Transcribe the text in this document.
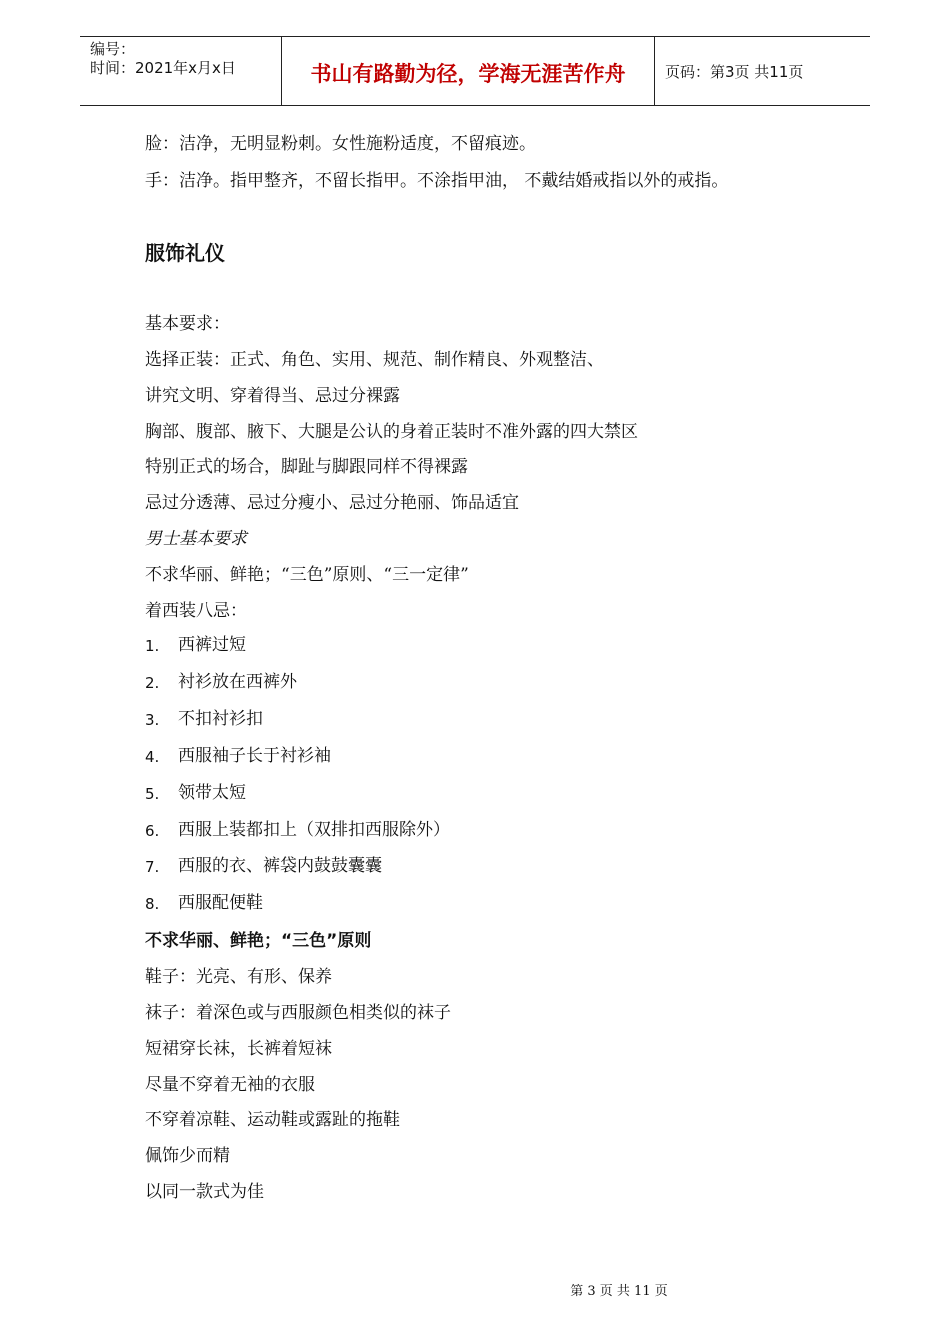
编号：
时间：2021年x月x日	书山有路勤为径，学海无涯苦作舟	页码：第3页 共11页
脸：洁净，无明显粉刺。女性施粉适度，不留痕迹。
手：洁净。指甲整齐，不留长指甲。不涂指甲油， 不戴结婚戒指以外的戒指。
服饰礼仪
基本要求：
选择正装：正式、角色、实用、规范、制作精良、外观整洁、
讲究文明、穿着得当、忌过分裸露
胸部、腹部、腋下、大腿是公认的身着正装时不准外露的四大禁区
特别正式的场合，脚趾与脚跟同样不得裸露
忌过分透薄、忌过分瘦小、忌过分艳丽、饰品适宜
男士基本要求
不求华丽、鲜艳；“三色”原则、“三一定律”
着西装八忌：
1. 西裤过短
2. 衬衫放在西裤外
3. 不扣衬衫扣
4. 西服袖子长于衬衫袖
5. 领带太短
6. 西服上装都扣上（双排扣西服除外）
7. 西服的衣、裤袋内鼓鼓囊囊
8. 西服配便鞋
不求华丽、鲜艳；“三色”原则
鞋子：光亮、有形、保养
袜子：着深色或与西服颜色相类似的袜子
短裙穿长袜，长裤着短袜
尽量不穿着无袖的衣服
不穿着凉鞋、运动鞋或露趾的拖鞋
佩饰少而精
以同一款式为佳
第 3 页 共 11 页
